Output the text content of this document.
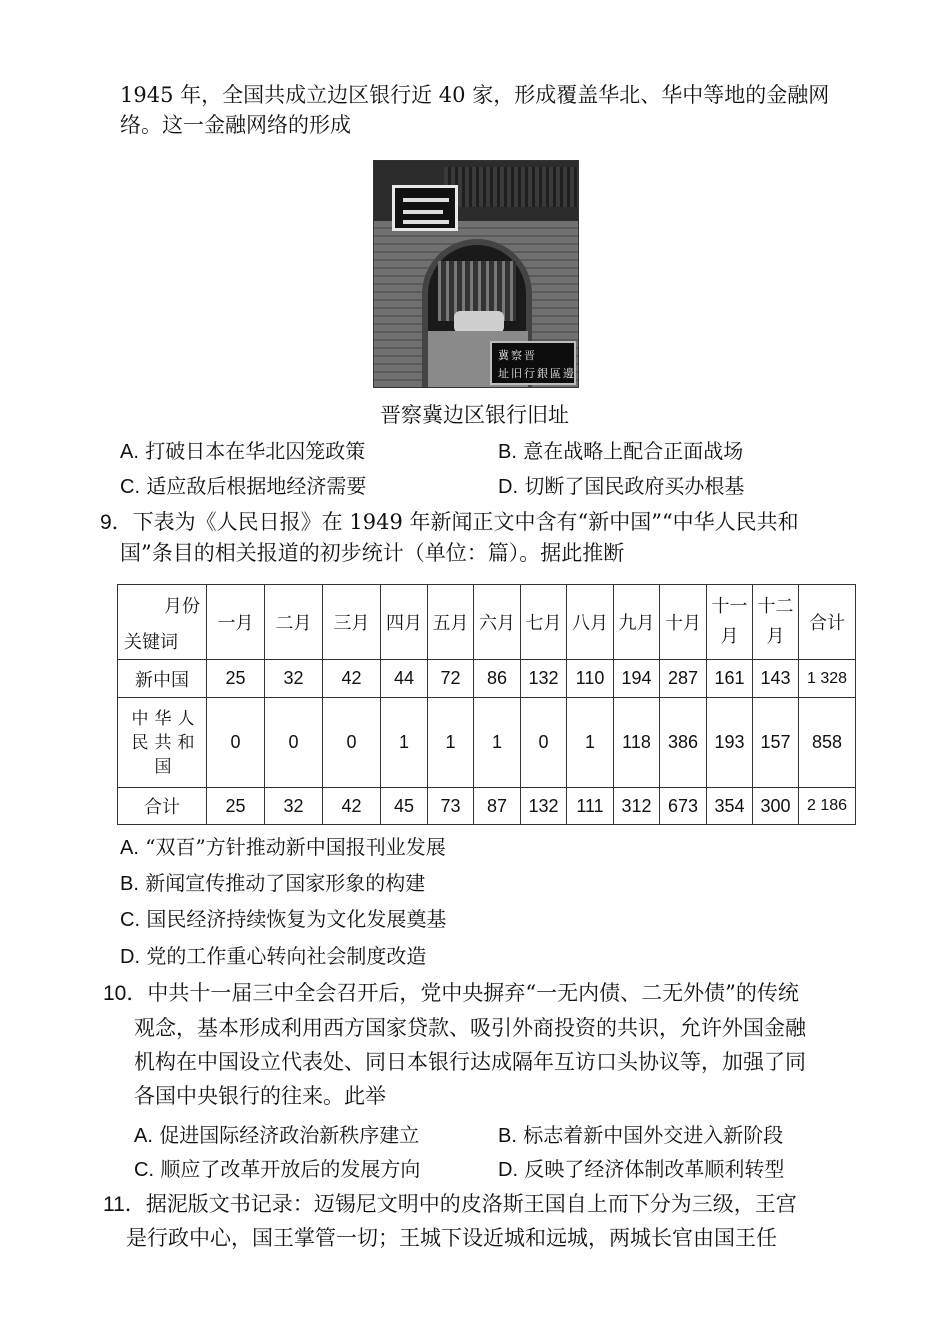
1945 年，全国共成立边区银行近 40 家，形成覆盖华北、华中等地的金融网
络。这一金融网络的形成
冀察晋
址旧行銀區邊
晋察冀边区银行旧址
A. 打破日本在华北囚笼政策	B. 意在战略上配合正面战场
C. 适应敌后根据地经济需要	D. 切断了国民政府买办根基
9．下表为《人民日报》在 1949 年新闻正文中含有“新中国”“中华人民共和
国”条目的相关报道的初步统计（单位：篇）。据此推断
月份
关键词	一月	二月	三月	四月	五月	六月	七月	八月	九月	十月	十一月	十二月	合计
新中国	25	32	42	44	72	86	132	110	194	287	161	143	1 328
中华人民共和国	0	0	0	1	1	1	0	1	118	386	193	157	858
合计	25	32	42	45	73	87	132	111	312	673	354	300	2 186
A. “双百”方针推动新中国报刊业发展
B. 新闻宣传推动了国家形象的构建
C. 国民经济持续恢复为文化发展奠基
D. 党的工作重心转向社会制度改造
10．中共十一届三中全会召开后，党中央摒弃“一无内债、二无外债”的传统
观念，基本形成利用西方国家贷款、吸引外商投资的共识，允许外国金融
机构在中国设立代表处、同日本银行达成隔年互访口头协议等，加强了同
各国中央银行的往来。此举
A. 促进国际经济政治新秩序建立	B. 标志着新中国外交进入新阶段
C. 顺应了改革开放后的发展方向	D. 反映了经济体制改革顺利转型
11．据泥版文书记录：迈锡尼文明中的皮洛斯王国自上而下分为三级，王宫
是行政中心，国王掌管一切；王城下设近城和远城，两城长官由国王任
